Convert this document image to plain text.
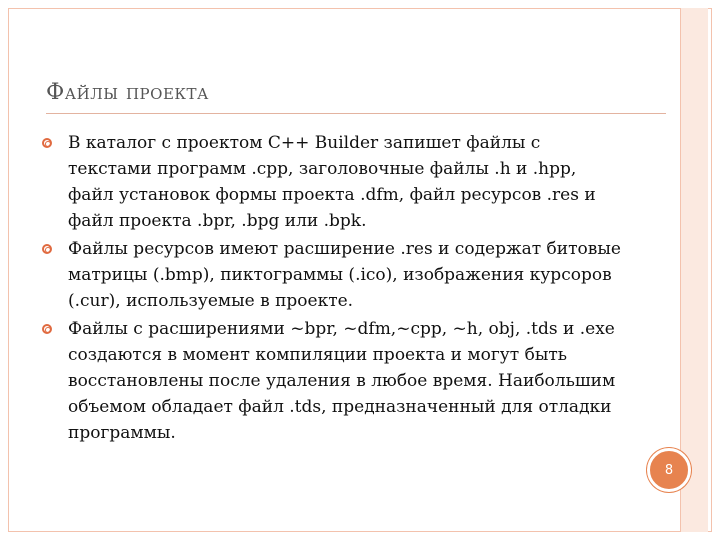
Файлы проекта
В каталог с проектом C++ Builder запишет файлы с текстами программ .cpp, заголовочные файлы .h и .hpp, файл установок формы проекта .dfm, файл ресурсов .res и файл проекта .bpr, .bpg или .bpk.
Файлы ресурсов имеют расширение .res и содержат битовые матрицы (.bmp), пиктограммы (.ico), изображения курсоров (.cur), используемые в проекте.
Файлы с расширениями ~bpr, ~dfm,~cpp, ~h, obj, .tds и .exe создаются в момент компиляции проекта и могут быть восстановлены после удаления в любое время. Наибольшим объемом обладает файл .tds, предназначенный для отладки программы.
8
